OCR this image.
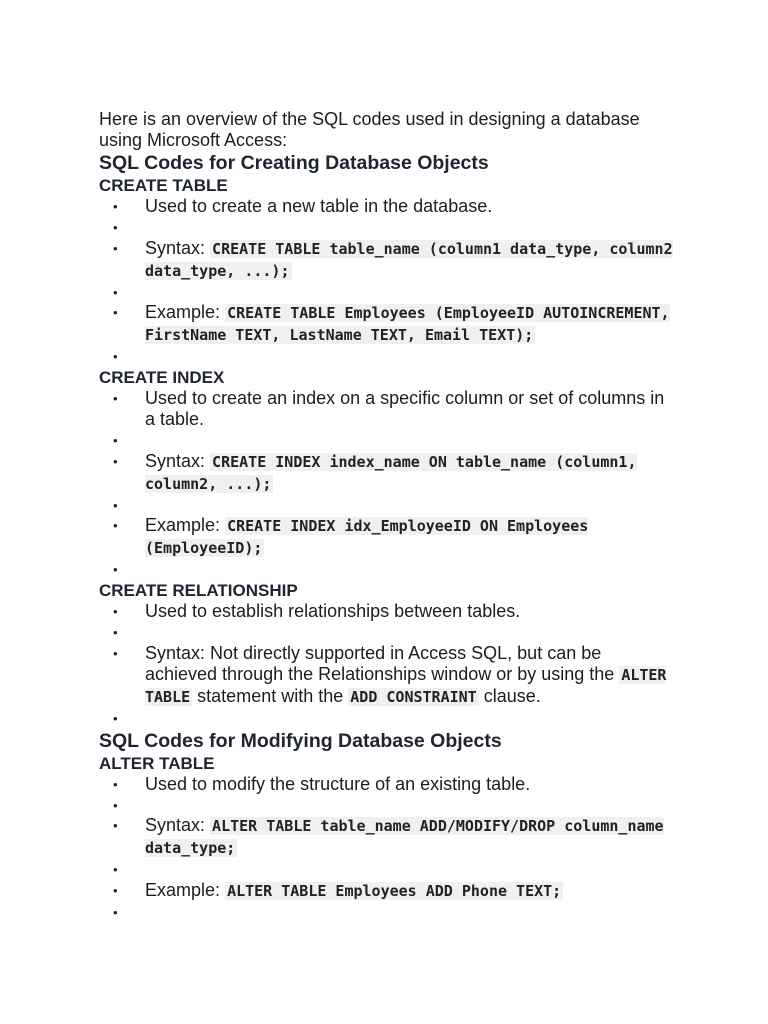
Here is an overview of the SQL codes used in designing a database using Microsoft Access:

SQL Codes for Creating Database Objects
CREATE TABLE
• Used to create a new table in the database.
•
• Syntax: CREATE TABLE table_name (column1 data_type, column2 data_type, ...);
•
• Example: CREATE TABLE Employees (EmployeeID AUTOINCREMENT, FirstName TEXT, LastName TEXT, Email TEXT);
•
CREATE INDEX
• Used to create an index on a specific column or set of columns in a table.
•
• Syntax: CREATE INDEX index_name ON table_name (column1, column2, ...);
•
• Example: CREATE INDEX idx_EmployeeID ON Employees (EmployeeID);
•
CREATE RELATIONSHIP
• Used to establish relationships between tables.
•
• Syntax: Not directly supported in Access SQL, but can be achieved through the Relationships window or by using the ALTER TABLE statement with the ADD CONSTRAINT clause.
•
SQL Codes for Modifying Database Objects
ALTER TABLE
• Used to modify the structure of an existing table.
•
• Syntax: ALTER TABLE table_name ADD/MODIFY/DROP column_name data_type;
•
• Example: ALTER TABLE Employees ADD Phone TEXT;
•
